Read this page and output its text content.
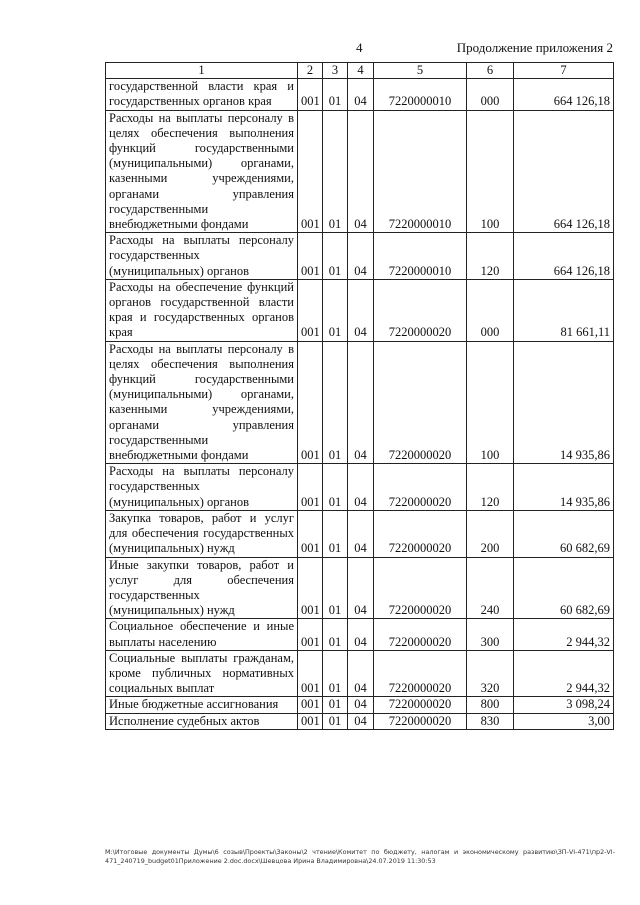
4	Продолжение приложения 2
1	2	3	4	5	6	7
государственной власти края и государственных органов края	001	01	04	7220000010	000	664 126,18
Расходы на выплаты персоналу в целях обеспечения выполнения функций государственными (муниципальными) органами, казенными учреждениями, органами управления государственными внебюджетными фондами	001	01	04	7220000010	100	664 126,18
Расходы на выплаты персоналу государственных (муниципальных) органов	001	01	04	7220000010	120	664 126,18
Расходы на обеспечение функций органов государственной власти края и государственных органов края	001	01	04	7220000020	000	81 661,11
Расходы на выплаты персоналу в целях обеспечения выполнения функций государственными (муниципальными) органами, казенными учреждениями, органами управления государственными внебюджетными фондами	001	01	04	7220000020	100	14 935,86
Расходы на выплаты персоналу государственных (муниципальных) органов	001	01	04	7220000020	120	14 935,86
Закупка товаров, работ и услуг для обеспечения государственных (муниципальных) нужд	001	01	04	7220000020	200	60 682,69
Иные закупки товаров, работ и услуг для обеспечения государственных (муниципальных) нужд	001	01	04	7220000020	240	60 682,69
Социальное обеспечение и иные выплаты населению	001	01	04	7220000020	300	2 944,32
Социальные выплаты гражданам, кроме публичных нормативных социальных выплат	001	01	04	7220000020	320	2 944,32
Иные бюджетные ассигнования	001	01	04	7220000020	800	3 098,24
Исполнение судебных актов	001	01	04	7220000020	830	3,00
M:\Итоговые документы Думы\6 созыв\Проекты\Законы\2 чтение\Комитет по бюджету, налогам и экономическому развитию\ЗП-VI-471\пр2-VI-471_240719_budget01Приложение 2.doc.docx\Шевцова Ирина Владимировна\24.07.2019 11:30:53
